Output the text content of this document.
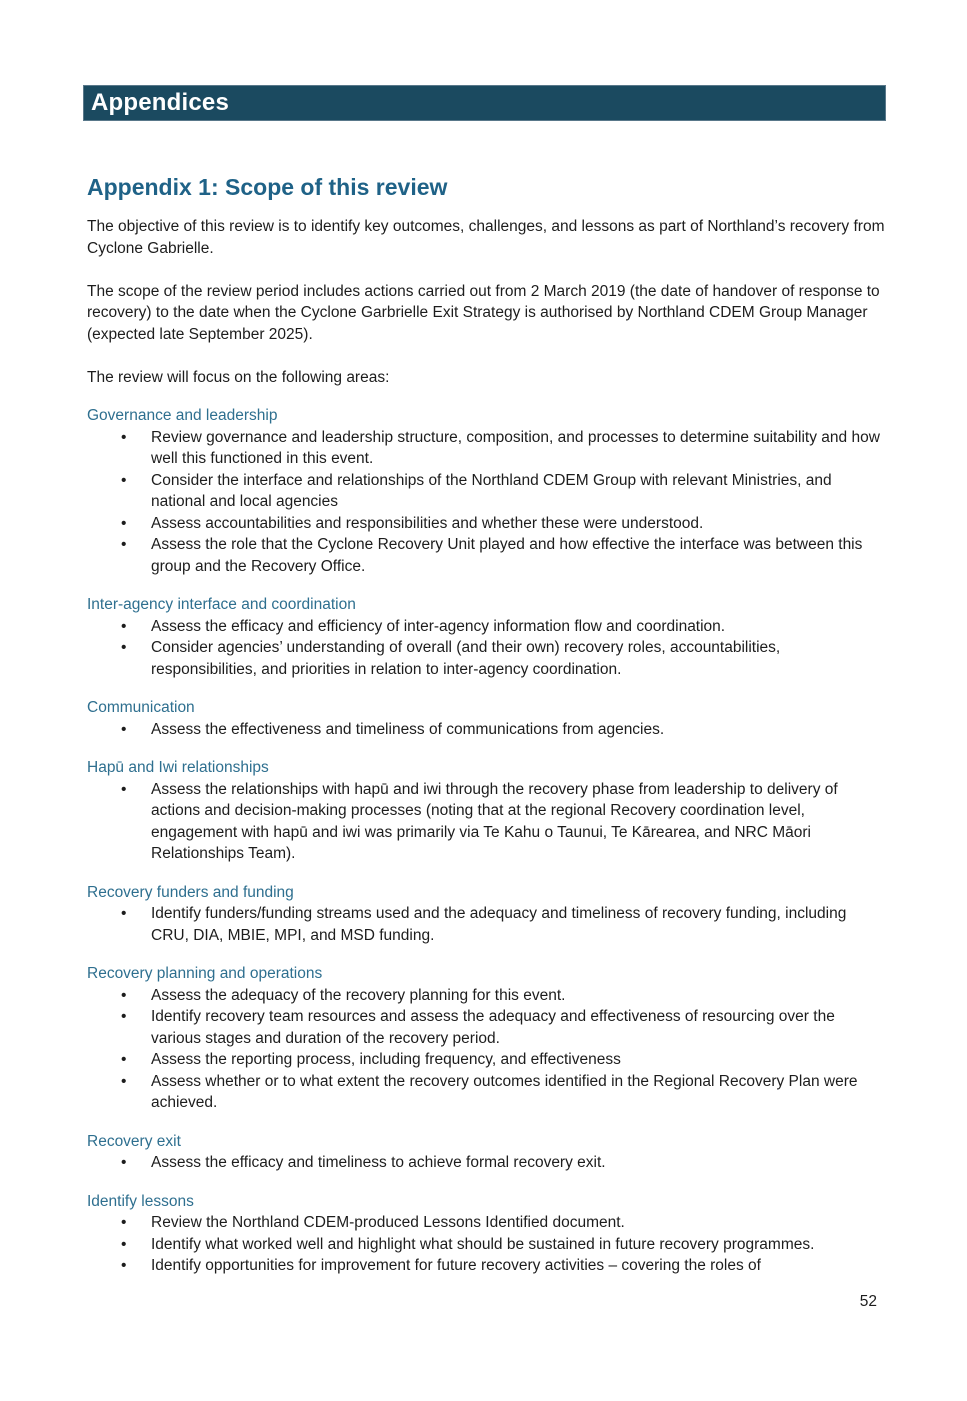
Appendices
Appendix 1: Scope of this review

The objective of this review is to identify key outcomes, challenges, and lessons as part of Northland’s recovery from Cyclone Gabrielle.

The scope of the review period includes actions carried out from 2 March 2019 (the date of handover of response to recovery) to the date when the Cyclone Garbrielle Exit Strategy is authorised by Northland CDEM Group Manager (expected late September 2025).

The review will focus on the following areas:

Governance and leadership
• Review governance and leadership structure, composition, and processes to determine suitability and how well this functioned in this event.
• Consider the interface and relationships of the Northland CDEM Group with relevant Ministries, and national and local agencies
• Assess accountabilities and responsibilities and whether these were understood.
• Assess the role that the Cyclone Recovery Unit played and how effective the interface was between this group and the Recovery Office.
Inter-agency interface and coordination
• Assess the efficacy and efficiency of inter-agency information flow and coordination.
• Consider agencies’ understanding of overall (and their own) recovery roles, accountabilities, responsibilities, and priorities in relation to inter-agency coordination.
Communication
• Assess the effectiveness and timeliness of communications from agencies.
Hapū and Iwi relationships
• Assess the relationships with hapū and iwi through the recovery phase from leadership to delivery of actions and decision-making processes (noting that at the regional Recovery coordination level, engagement with hapū and iwi was primarily via Te Kahu o Taunui, Te Kārearea, and NRC Māori Relationships Team).
Recovery funders and funding
• Identify funders/funding streams used and the adequacy and timeliness of recovery funding, including CRU, DIA, MBIE, MPI, and MSD funding.
Recovery planning and operations
• Assess the adequacy of the recovery planning for this event.
• Identify recovery team resources and assess the adequacy and effectiveness of resourcing over the various stages and duration of the recovery period.
• Assess the reporting process, including frequency, and effectiveness
• Assess whether or to what extent the recovery outcomes identified in the Regional Recovery Plan were achieved.
Recovery exit
• Assess the efficacy and timeliness to achieve formal recovery exit.
Identify lessons
• Review the Northland CDEM-produced Lessons Identified document.
• Identify what worked well and highlight what should be sustained in future recovery programmes.
• Identify opportunities for improvement for future recovery activities – covering the roles of
52
